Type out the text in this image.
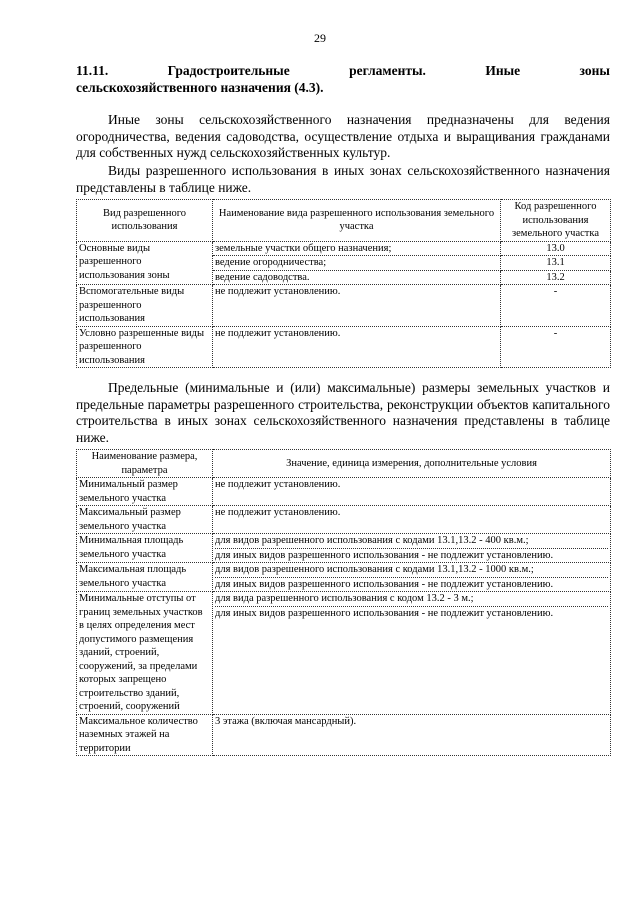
29
11.11.	Градостроительные	регламенты.	Иные	зоны
сельскохозяйственного назначения (4.3).
Иные зоны сельскохозяйственного назначения предназначены для ведения огородничества, ведения садоводства, осуществление отдыха и выращивания гражданами для собственных нужд сельскохозяйственных культур.
Виды разрешенного использования в иных зонах сельскохозяйственного назначения представлены в таблице ниже.
Вид разрешенного использования	Наименование вида разрешенного использования земельного участка	Код разрешенного использования земельного участка
Основные виды разрешенного использования зоны	земельные участки общего назначения;	13.0
	ведение огородничества;	13.1
	ведение садоводства.	13.2
Вспомогательные виды разрешенного использования	не подлежит установлению.	-
Условно разрешенные виды разрешенного использования	не подлежит установлению.	-
Предельные (минимальные и (или) максимальные) размеры земельных участков и предельные параметры разрешенного строительства, реконструкции объектов капитального строительства в иных зонах сельскохозяйственного назначения представлены в таблице ниже.
Наименование размера, параметра	Значение, единица измерения, дополнительные условия
Минимальный размер земельного участка	не подлежит установлению.
Максимальный размер земельного участка	не подлежит установлению.
Минимальная площадь земельного участка	для видов разрешенного использования с кодами 13.1,13.2 - 400 кв.м.;
для иных видов разрешенного использования - не подлежит установлению.

Максимальная площадь земельного участка	для видов разрешенного использования с кодами 13.1,13.2 - 1000 кв.м.;
для иных видов разрешенного использования - не подлежит установлению.

Минимальные отступы от границ земельных участков в целях определения мест допустимого размещения зданий, строений, сооружений, за пределами которых запрещено строительство зданий, строений, сооружений	для вида разрешенного использования с кодом 13.2 - 3 м.;
для иных видов разрешенного использования - не подлежит установлению.

Максимальное количество наземных этажей на территории	3 этажа (включая мансардный).
